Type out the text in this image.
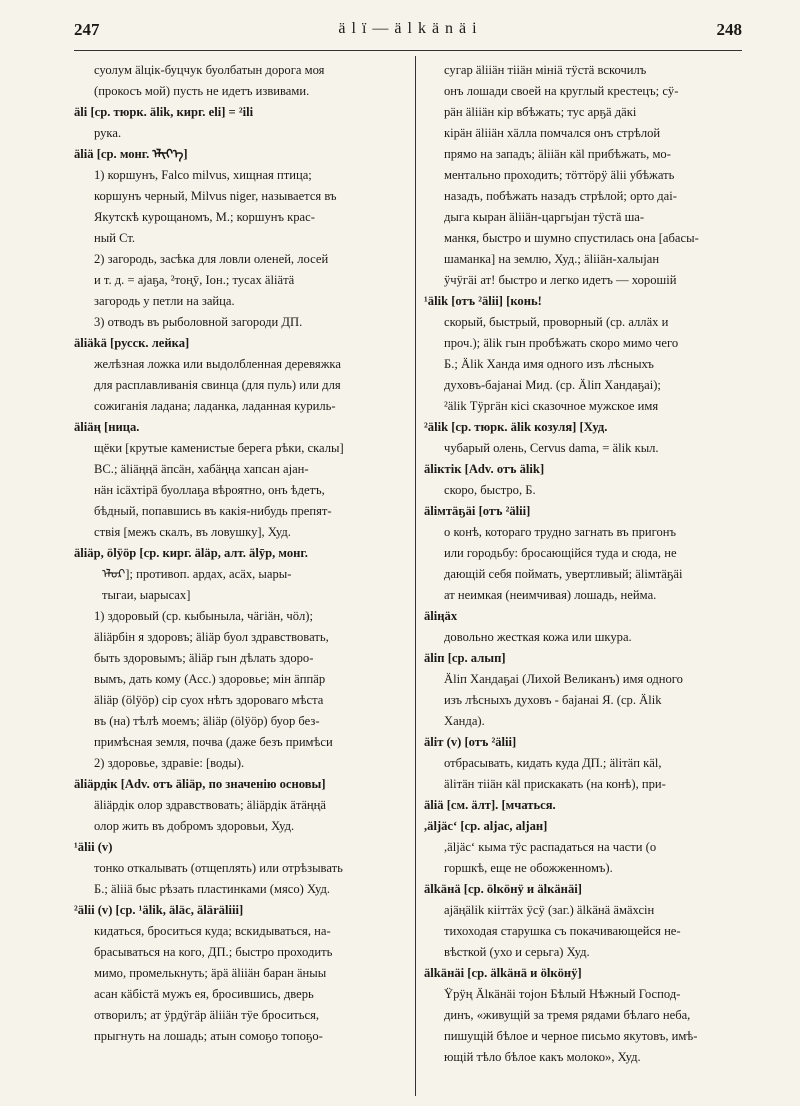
247	ä l ï — ä l k ä n ä i	248
суолум älцiк-буцчук буолбатын дорога моя
(прокосъ мой) пусть не идетъ извивами.
äli [ср. тюрк. älik, кирг. eli] = ²ili
рука.
äliä [ср. монг. ᠡᠯᠢᠶ᠎ᠡ]
1) коршунъ, Falco milvus, хищная птица;
коршунъ черный, Milvus niger, называется въ
Якутскѣ курощаномъ, М.; коршунъ крас-
ный Ст.
2) загородь, засѣка для ловли оленей, лосей
и т. д. = ajaҕа, ²тоңӯ, Іон.; тусах äliäтä
загородь у петли на зайца.
3) отводъ въ рыболовной загороди ДП.
äliäkä [русск. лейка]
желѣзная ложка или выдолбленная деревяжка
для расплавливанія свинца (для пуль) или для
сожиганія ладана; ладанка, ладанная куриль-
äliäң [ница.
щёки [крутые каменистые берега рѣки, скалы]
ВС.; äliäңңä äпсäн, хабäңңа хапсан ajан-
нäн ісäхтiрä буоллаҕа вѣроятно, онъ ѣдетъ,
бѣдный, попавшись въ какія-нибудь препят-
ствія [межъ скалъ, въ ловушку], Худ.
äliäр, ölÿöр [ср. кирг. äläр, алт. älӯр, монг.
ᠡᠯᠦᠷ]; противоп. ардах, асäх, ыары-
тыгаи, ыарысах]
1) здоровый (ср. кыбыныла, чäгiäн, чöл);
äliäрбiн я здоровъ; äliäр буол здравствовать,
быть здоровымъ; äliäр гын дѣлать здоро-
вымъ, дать кому (Асс.) здоровье; мiн äппäр
äliäр (ölÿöр) ciр суох нѣтъ здороваго мѣста
въ (на) тѣлѣ моемъ; äliäр (ölÿöр) буор без-
примѣсная земля, почва (даже безъ примѣси
2) здоровье, здравіе: [воды).
äliäрдiк [Adv. отъ äliäр, по значенію основы]
äliäрдiк олор здравствовать; äliäрдiк äтäңңä
олор жить въ добромъ здоровьи, Худ.
¹älii (v)
тонко откалывать (отщеплять) или отрѣзывать
Б.; äliiä быс рѣзать пластинками (мясо) Худ.
²älii (v) [ср. ¹älik, äläc, äläräliii]
кидаться, броситься куда; вскидываться, на-
брасываться на кого, ДП.; быстро проходить
мимо, промелькнуть; äрä äliiäн баран äныы
асан кäбiстä мужъ ея, бросившись, дверь
отворилъ; ат ÿрдÿгäр äliiäн тÿе броситься,
прыгнуть на лошадь; атын сомоҕо топоҕо-
сугар äliiäн тiiäн мiнiä тÿстä вскочилъ
онъ лошади своей на круглый крестецъ; сÿ-
рäн äliiäн кiр вбѣжать; тус арҕä дäкi
кiрäн äliiäн хäлла помчался онъ стрѣлой
прямо на западъ; äliiäн кäl прибѣжать, мо-
ментально проходить; тöттöрÿ älii убѣжать
назадъ, побѣжать назадъ стрѣлой; орто даi-
дыга кыран äliiäн-царгыjан тÿстä ша-
манкя, быстро и шумно спустилась она [абасы-
шаманка] на землю, Худ.; äliiäн-халыjан
ÿчÿгäi ат! быстро и легко идетъ — хорошій
¹älik [отъ ²älii] [конь!
скорый, быстрый, проворный (ср. аллäх и
проч.); älik гын пробѣжать скоро мимо чего
Б.; Älik Ханда имя одного изъ лѣсныхъ
духовъ-баjанаi Мид. (ср. Äliп Хандаҕаi);
²älik Тÿргäн кiсi сказочное мужское имя
²älik [ср. тюрк. älik козуля] [Худ.
чубарый олень, Cervus dama, = älik кыл.
äliктiк [Adv. отъ älik]
скоро, быстро, Б.
äliмтäҕäi [отъ ²älii]
о конѣ, котораго трудно загнать въ пригонъ
или городьбу: бросающійся туда и сюда, не
дающій себя поймать, увертливый; äliмтäҕäi
ат неимкая (неимчивая) лошадь, неймa.
äliңäх
довольно жесткая кожа или шкура.
äliп [ср. алып]
Äliп Хандаҕаi (Лихой Великанъ) имя одного
изъ лѣсныхъ духовъ - баjанаi Я. (ср. Älik
Ханда).
äliт (v) [отъ ²älii]
отбрасывать, кидать куда ДП.; äliтäп кäl,
äliтäн тiiäн кäl прискакать (на конѣ), при-
äliä [см. äлт]. [мчаться.
,äljäc‘ [ср. aljac, aljан]
,äljäc‘ кыма тÿс распадаться на части (о
горшкѣ, еще не обожженномъ).
älkäнä [ср. ölкöнÿ и älкäнäi]
ajäңälik кiiттäх ÿсÿ (заг.) älkäнä äмäхсiн
тихоходая старушка съ покачивающейся не-
вѣсткой (ухо и серьга) Худ.
älkäнäi [ср. älkäнä и ölкöнÿ]
Ÿрÿң Älкäнäi тojон Бѣлый Нѣжный Господ-
динъ, «живущій за тремя рядами бѣлаго неба,
пишущій бѣлое и черное письмо якутовъ, имѣ-
ющій тѣло бѣлое какъ молоко», Худ.
